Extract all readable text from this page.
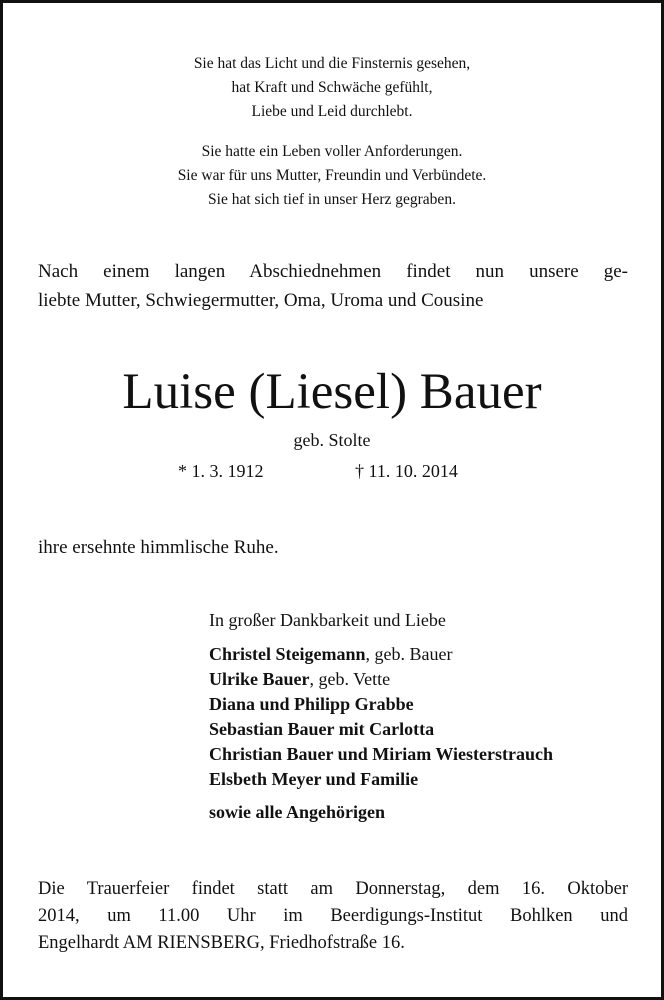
Sie hat das Licht und die Finsternis gesehen,
hat Kraft und Schwäche gefühlt,
Liebe und Leid durchlebt.
Sie hatte ein Leben voller Anforderungen.
Sie war für uns Mutter, Freundin und Verbündete.
Sie hat sich tief in unser Herz gegraben.
Nach einem langen Abschiednehmen findet nun unsere ge-
liebte Mutter, Schwiegermutter, Oma, Uroma und Cousine
Luise (Liesel) Bauer
geb. Stolte
* 1. 3. 1912	† 11. 10. 2014
ihre ersehnte himmlische Ruhe.
In großer Dankbarkeit und Liebe
Christel Steigemann, geb. Bauer
Ulrike Bauer, geb. Vette
Diana und Philipp Grabbe
Sebastian Bauer mit Carlotta
Christian Bauer und Miriam Wiesterstrauch
Elsbeth Meyer und Familie
sowie alle Angehörigen
Die Trauerfeier findet statt am Donnerstag, dem 16. Oktober
2014, um 11.00 Uhr im Beerdigungs-Institut Bohlken und
Engelhardt AM RIENSBERG, Friedhofstraße 16.
